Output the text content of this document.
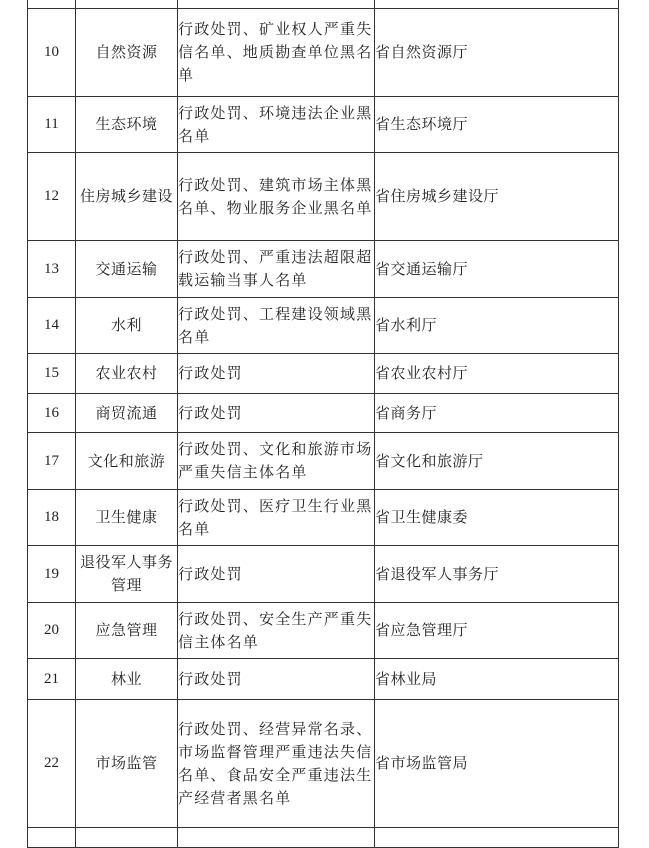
10	自然资源	行政处罚、矿业权人严重失信名单、地质勘查单位黑名单	省自然资源厅
11	生态环境	行政处罚、环境违法企业黑名单	省生态环境厅
12	住房城乡建设	行政处罚、建筑市场主体黑名单、物业服务企业黑名单	省住房城乡建设厅
13	交通运输	行政处罚、严重违法超限超载运输当事人名单	省交通运输厅
14	水利	行政处罚、工程建设领域黑名单	省水利厅
15	农业农村	行政处罚	省农业农村厅
16	商贸流通	行政处罚	省商务厅
17	文化和旅游	行政处罚、文化和旅游市场严重失信主体名单	省文化和旅游厅
18	卫生健康	行政处罚、医疗卫生行业黑名单	省卫生健康委
19	退役军人事务管理	行政处罚	省退役军人事务厅
20	应急管理	行政处罚、安全生产严重失信主体名单	省应急管理厅
21	林业	行政处罚	省林业局
22	市场监管	行政处罚、经营异常名录、市场监督管理严重违法失信名单、食品安全严重违法生产经营者黑名单	省市场监管局
